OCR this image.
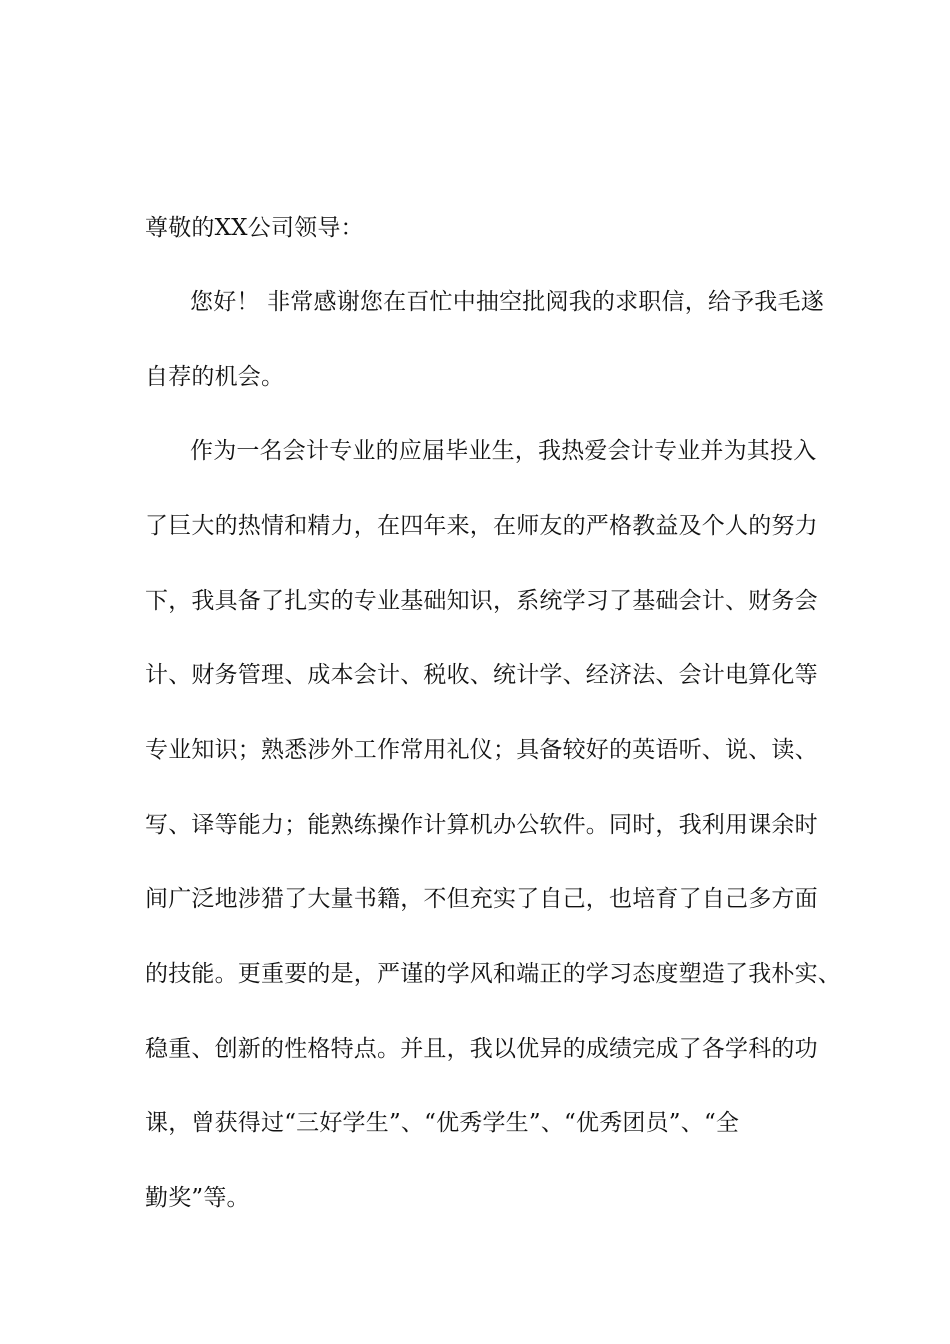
尊敬的XX公司领导：
您好！ 非常感谢您在百忙中抽空批阅我的求职信，给予我毛遂
自荐的机会。
作为一名会计专业的应届毕业生，我热爱会计专业并为其投入
了巨大的热情和精力，在四年来，在师友的严格教益及个人的努力
下，我具备了扎实的专业基础知识，系统学习了基础会计、财务会
计、财务管理、成本会计、税收、统计学、经济法、会计电算化等
专业知识；熟悉涉外工作常用礼仪；具备较好的英语听、说、读、
写、译等能力；能熟练操作计算机办公软件。同时，我利用课余时
间广泛地涉猎了大量书籍，不但充实了自己，也培育了自己多方面
的技能。更重要的是，严谨的学风和端正的学习态度塑造了我朴实、
稳重、创新的性格特点。并且，我以优异的成绩完成了各学科的功
课，曾获得过“三好学生”、“优秀学生”、“优秀团员”、“全
勤奖”等。
